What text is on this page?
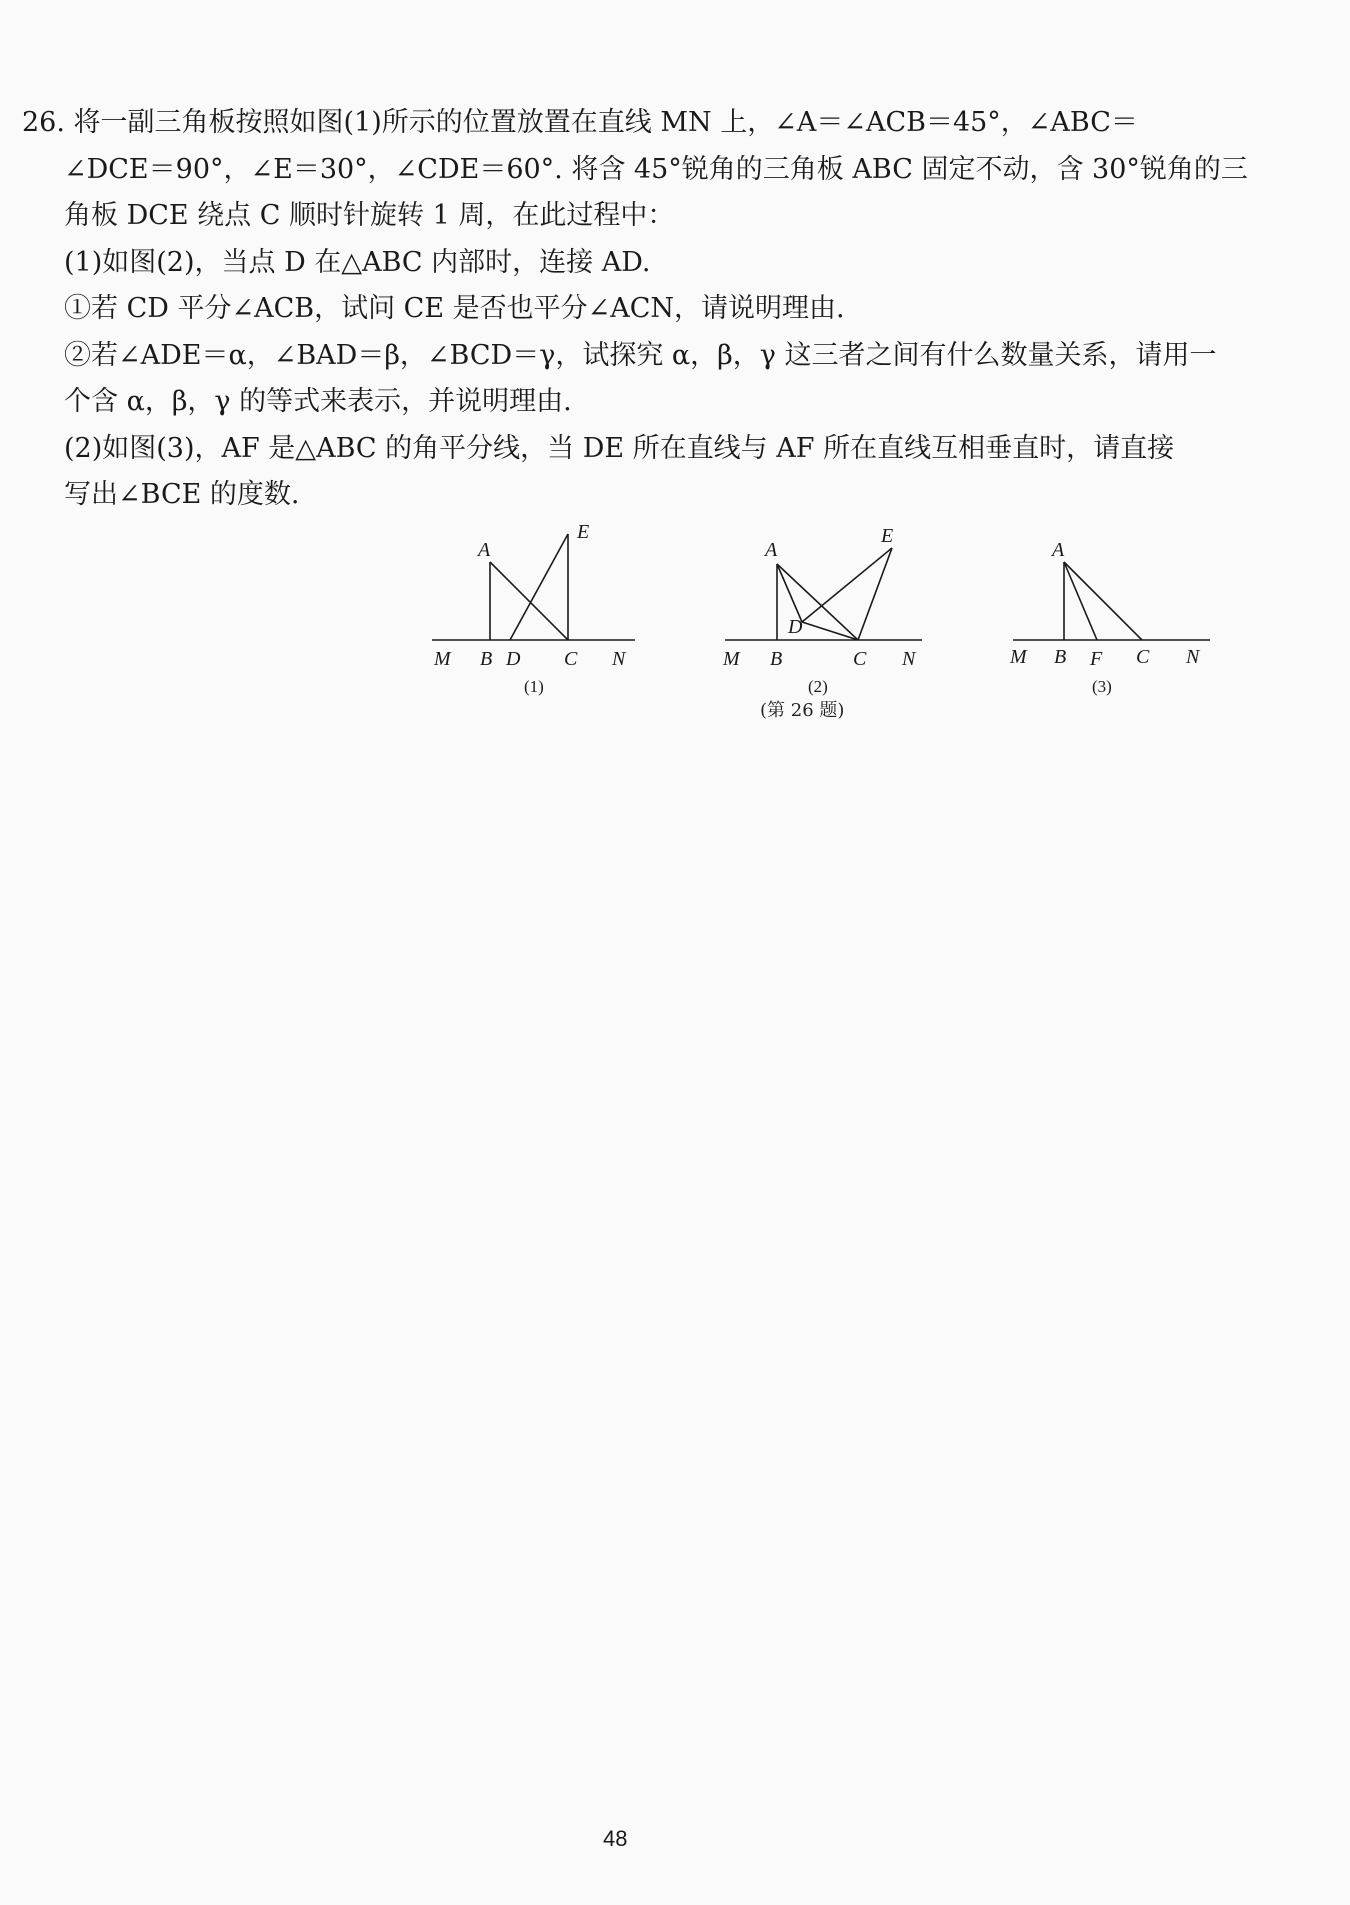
26. 将一副三角板按照如图(1)所示的位置放置在直线 MN 上，∠A＝∠ACB＝45°，∠ABC＝
∠DCE＝90°，∠E＝30°，∠CDE＝60°. 将含 45°锐角的三角板 ABC 固定不动，含 30°锐角的三
角板 DCE 绕点 C 顺时针旋转 1 周，在此过程中：
(1)如图(2)，当点 D 在△ABC 内部时，连接 AD.
①若 CD 平分∠ACB，试问 CE 是否也平分∠ACN，请说明理由.
②若∠ADE＝α，∠BAD＝β，∠BCD＝γ，试探究 α，β，γ 这三者之间有什么数量关系，请用一
个含 α，β，γ 的等式来表示，并说明理由.
(2)如图(3)，AF 是△ABC 的角平分线，当 DE 所在直线与 AF 所在直线互相垂直时，请直接
写出∠BCE 的度数.
A
E
M B D C N
(1)
A
E
D
M B	C N
(2)
A
M B F C N
(3)
(第 26 题)
48
